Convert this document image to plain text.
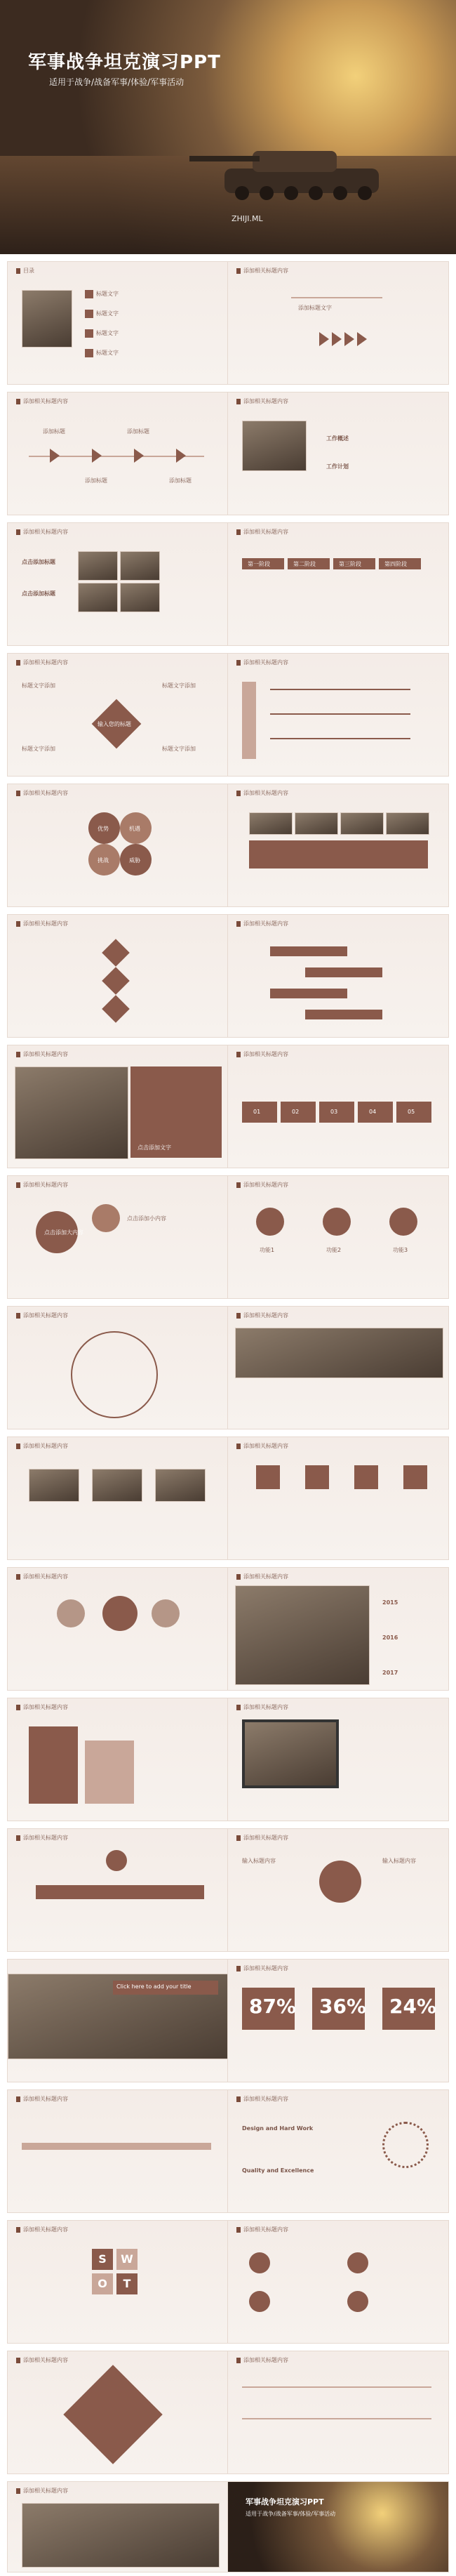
军事战争坦克演习PPT
适用于战争/战备军事/体验/军事活动
ZHIJI.ML
目录
标题文字
标题文字
标题文字
标题文字
添加相关标题内容
添加标题文字
添加相关标题内容
添加标题	添加标题
添加标题	添加标题
添加相关标题内容
工作概述
工作计划
添加相关标题内容
点击添加标题
点击添加标题
添加相关标题内容
第一阶段	第二阶段	第三阶段	第四阶段
添加相关标题内容
输入您的标题
标题文字添加
标题文字添加
标题文字添加
标题文字添加
添加相关标题内容
添加相关标题内容
优势	机遇
挑战	威胁
添加相关标题内容
添加相关标题内容	添加相关标题内容
添加相关标题内容
点击添加文字
添加相关标题内容
01	02	03	04	05
添加相关标题内容
点击添加大内容
点击添加小内容
添加相关标题内容
功能1	功能2	功能3
添加相关标题内容	添加相关标题内容
添加相关标题内容	添加相关标题内容
添加相关标题内容	添加相关标题内容
2015
2016
2017
添加相关标题内容	添加相关标题内容
添加相关标题内容	添加相关标题内容
输入标题内容	输入标题内容
Click here to add your title
添加相关标题内容
87% 36% 24%
添加相关标题内容	添加相关标题内容
Design and Hard Work
Quality and Excellence
添加相关标题内容
S	W
O	T
添加相关标题内容
添加相关标题内容	添加相关标题内容
添加相关标题内容
军事战争坦克演习PPT
适用于战争/战备军事/体验/军事活动
